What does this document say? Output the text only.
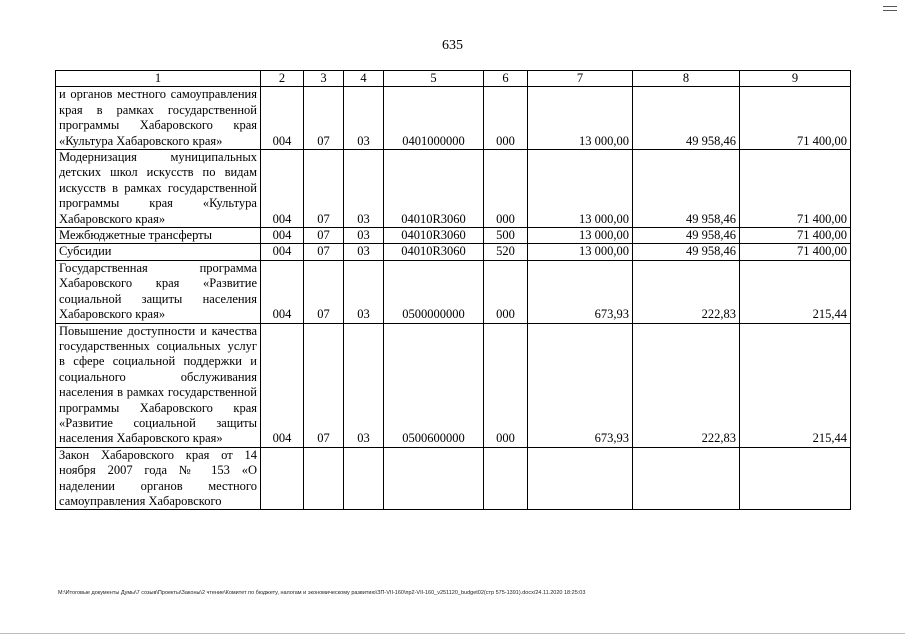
635
1	2	3	4	5	6	7	8	9
и органов местного самоуправления края в рамках государственной программы Хабаровского края «Культура Хабаровского края»	004	07	03	0401000000	000	13 000,00	49 958,46	71 400,00
Модернизация муниципальных детских школ искусств по видам искусств в рамках государственной программы края «Культура Хабаровского края»	004	07	03	04010R3060	000	13 000,00	49 958,46	71 400,00
Межбюджетные трансферты	004	07	03	04010R3060	500	13 000,00	49 958,46	71 400,00
Субсидии	004	07	03	04010R3060	520	13 000,00	49 958,46	71 400,00
Государственная программа Хабаровского края «Развитие социальной защиты населения Хабаровского края»	004	07	03	0500000000	000	673,93	222,83	215,44
Повышение доступности и качества государственных социальных услуг в сфере социальной поддержки и социального обслуживания населения в рамках государственной программы Хабаровского края «Развитие социальной защиты населения Хабаровского края»	004	07	03	0500600000	000	673,93	222,83	215,44
Закон Хабаровского края от 14 ноября 2007 года № 153 «О наделении органов местного самоуправления Хабаровского								
M:\Итоговые документы Думы\7 созыв\Проекты\Законы\2 чтение\Комитет по бюджету, налогам и экономическому развитию\ЗП-VII-160\пр2-VII-160_v251120_budget02(стр 575-1391).docx/24.11.2020 18:25:03
